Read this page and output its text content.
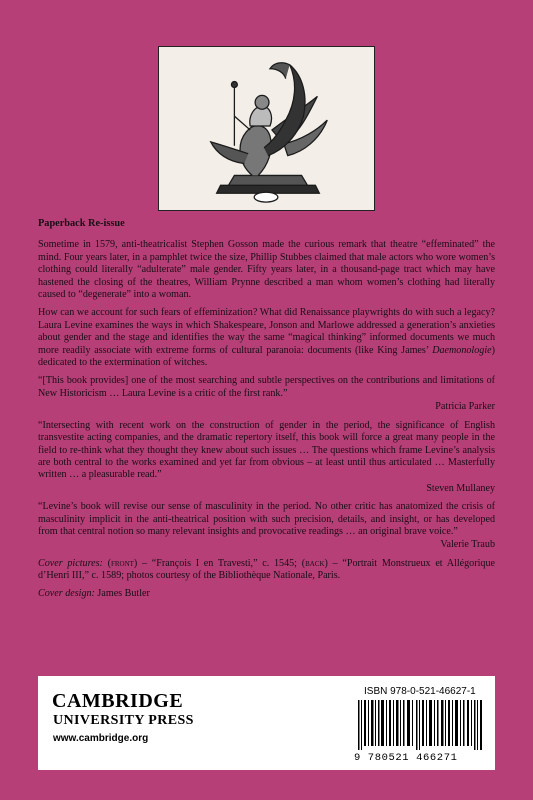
Paperback Re-issue

Sometime in 1579, anti-theatricalist Stephen Gosson made the curious remark that theatre “effeminated” the mind. Four years later, in a pamphlet twice the size, Phillip Stubbes claimed that male actors who wore women’s clothing could literally “adulterate” male gender. Fifty years later, in a thousand-page tract which may have hastened the closing of the theatres, William Prynne described a man whom women’s clothing had literally caused to “degenerate” into a woman.

How can we account for such fears of effeminization? What did Renaissance playwrights do with such a legacy? Laura Levine examines the ways in which Shakespeare, Jonson and Marlowe addressed a generation’s anxieties about gender and the stage and identifies the way the same “magical thinking” informed documents we much more readily associate with extreme forms of cultural paranoia: documents (like King James’ Daemonologie) dedicated to the extermination of witches.

“[This book provides] one of the most searching and subtle perspectives on the contributions and limitations of New Historicism … Laura Levine is a critic of the first rank.”
Patricia Parker
“Intersecting with recent work on the construction of gender in the period, the significance of English transvestite acting companies, and the dramatic repertory itself, this book will force a great many people in the field to re-think what they thought they knew about such issues … The questions which frame Levine’s analysis are both central to the works examined and yet far from obvious – at least until thus articulated … Masterfully written … a pleasurable read.”
Steven Mullaney
“Levine’s book will revise our sense of masculinity in the period. No other critic has anatomized the crisis of masculinity implicit in the anti-theatrical position with such precision, details, and insight, or has developed from that central notion so many relevant insights and provocative readings … an original brave voice.”
Valerie Traub
Cover pictures: (front) – “François I en Travesti,” c. 1545; (back) – “Portrait Monstrueux et Allégorique d’Henri III,” c. 1589; photos courtesy of the Bibliothèque Nationale, Paris.
Cover design: James Butler
CAMBRIDGE
UNIVERSITY PRESS
www.cambridge.org
ISBN 978-0-521-46627-1
9 780521 466271
